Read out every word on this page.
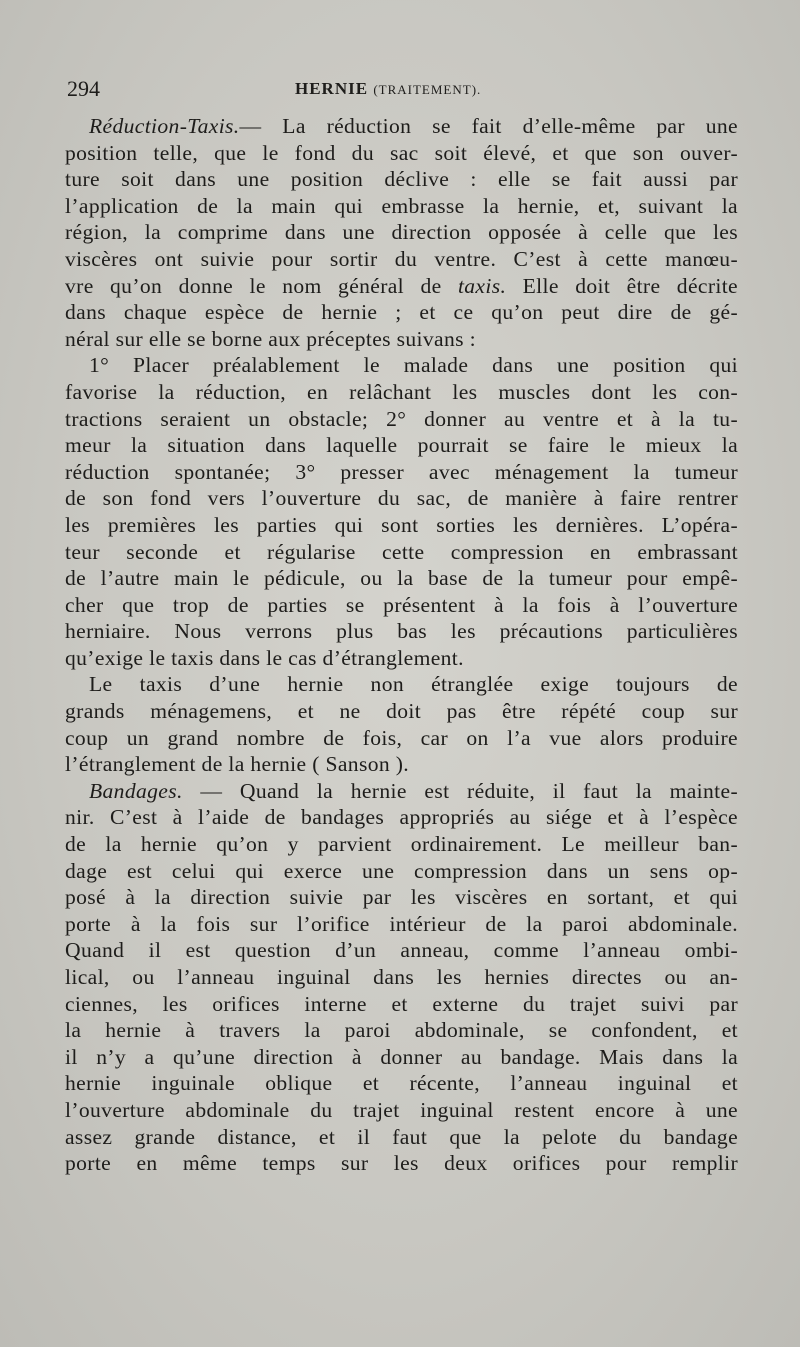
294	HERNIE (TRAITEMENT).
Réduction-Taxis.— La réduction se fait d’elle-même par une
position telle, que le fond du sac soit élevé, et que son ouver-
ture soit dans une position déclive : elle se fait aussi par
l’application de la main qui embrasse la hernie, et, suivant la
région, la comprime dans une direction opposée à celle que les
viscères ont suivie pour sortir du ventre. C’est à cette manœu-
vre qu’on donne le nom général de taxis. Elle doit être décrite
dans chaque espèce de hernie ; et ce qu’on peut dire de gé-
néral sur elle se borne aux préceptes suivans :
1° Placer préalablement le malade dans une position qui
favorise la réduction, en relâchant les muscles dont les con-
tractions seraient un obstacle; 2° donner au ventre et à la tu-
meur la situation dans laquelle pourrait se faire le mieux la
réduction spontanée; 3° presser avec ménagement la tumeur
de son fond vers l’ouverture du sac, de manière à faire rentrer
les premières les parties qui sont sorties les dernières. L’opéra-
teur seconde et régularise cette compression en embrassant
de l’autre main le pédicule, ou la base de la tumeur pour empê-
cher que trop de parties se présentent à la fois à l’ouverture
herniaire. Nous verrons plus bas les précautions particulières
qu’exige le taxis dans le cas d’étranglement.
Le taxis d’une hernie non étranglée exige toujours de
grands ménagemens, et ne doit pas être répété coup sur
coup un grand nombre de fois, car on l’a vue alors produire
l’étranglement de la hernie ( Sanson ).
Bandages. — Quand la hernie est réduite, il faut la mainte-
nir. C’est à l’aide de bandages appropriés au siége et à l’espèce
de la hernie qu’on y parvient ordinairement. Le meilleur ban-
dage est celui qui exerce une compression dans un sens op-
posé à la direction suivie par les viscères en sortant, et qui
porte à la fois sur l’orifice intérieur de la paroi abdominale.
Quand il est question d’un anneau, comme l’anneau ombi-
lical, ou l’anneau inguinal dans les hernies directes ou an-
ciennes, les orifices interne et externe du trajet suivi par
la hernie à travers la paroi abdominale, se confondent, et
il n’y a qu’une direction à donner au bandage. Mais dans la
hernie inguinale oblique et récente, l’anneau inguinal et
l’ouverture abdominale du trajet inguinal restent encore à une
assez grande distance, et il faut que la pelote du bandage
porte en même temps sur les deux orifices pour remplir
